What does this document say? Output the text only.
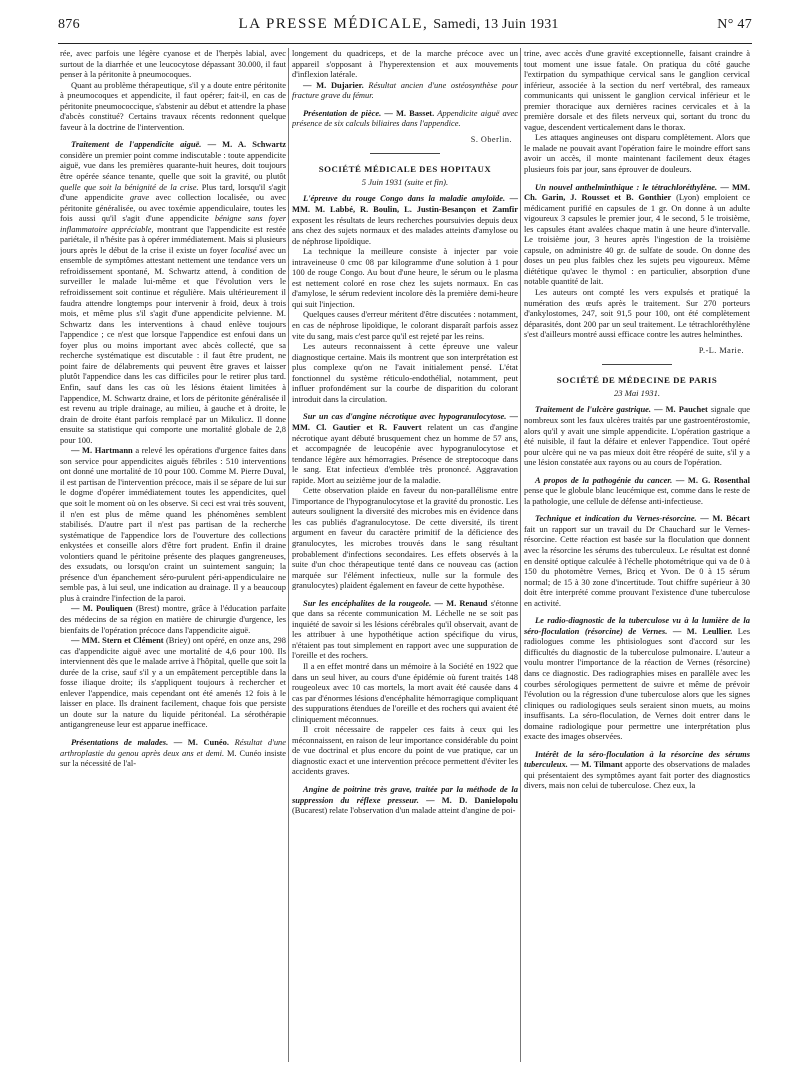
876	LA PRESSE MÉDICALE, Samedi, 13 Juin 1931	N° 47

rée, avec parfois une légère cyanose et de l'herpès labial, avec surtout de la diarrhée et une leucocytose dépassant 30.000, il faut penser à la péritonite à pneumocoques.

Quant au problème thérapeutique, s'il y a doute entre péritonite à pneumocoques et appendicite, il faut opérer; fait-il, en cas de péritonite pneumococcique, s'abstenir au début et attendre la phase d'abcès constitué? Certains travaux récents redonnent quelque faveur à la doctrine de l'intervention.

Traitement de l'appendicite aiguë. — M. A. Schwartz considère un premier point comme indiscutable : toute appendicite aiguë, vue dans les premières quarante-huit heures, doit toujours être opérée séance tenante, quelle que soit la gravité, ou plutôt quelle que soit la bénignité de la crise. Plus tard, lorsqu'il s'agit d'une appendicite grave avec collection localisée, ou avec péritonite généralisée, ou avec toxémie appendiculaire, toutes les fois aussi qu'il s'agit d'une appendicite bénigne sans foyer inflammatoire appréciable, montrant que l'appendicite est restée pariétale, il n'hésite pas à opérer immédiatement. Mais si plusieurs jours après le début de la crise il existe un foyer localisé avec un ensemble de symptômes attestant nettement une tendance vers un refroidissement spontané, M. Schwartz attend, à condition de surveiller le malade lui-même et que l'évolution vers le refroidissement soit continue et régulière. Mais ultérieurement il faudra attendre longtemps pour intervenir à froid, deux à trois mois, et même plus s'il s'agit d'une appendicite pelvienne. M. Schwartz dans les interventions à chaud enlève toujours l'appendice ; ce n'est que lorsque l'appendice est enfoui dans un foyer plus ou moins important avec abcès collecté, que sa recherche systématique est discutable : il faut être prudent, ne point faire de délabrements qui peuvent être graves et laisser plutôt l'appendice dans les cas difficiles pour le retirer plus tard. Enfin, sauf dans les cas où les lésions étaient limitées à l'appendice, M. Schwartz draine, et lors de péritonite généralisée il est revenu au triple drainage, au milieu, à gauche et à droite, le drain de droite étant parfois remplacé par un Mikulicz. Il donne ensuite sa statistique qui comporte une mortalité globale de 2,8 pour 100.

— M. Hartmann a relevé les opérations d'urgence faites dans son service pour appendicites aiguës fébriles : 510 interventions ont donné une mortalité de 10 pour 100. Comme M. Pierre Duval, il est partisan de l'intervention précoce, mais il se sépare de lui sur le dogme d'opérer immédiatement toutes les appendicites, quel que soit le moment où on les observe. Si ceci est vrai très souvent, il n'en est plus de même quand les phénomènes semblent stabilisés. D'autre part il n'est pas partisan de la recherche systématique de l'appendice lors de l'ouverture des collections enkystées et conseille alors d'être fort prudent. Enfin il draine volontiers quand le péritoine présente des plaques gangreneuses, des exsudats, ou lorsqu'on craint un suintement sanguin; la présence d'un épanchement séro-purulent péri-appendiculaire ne semble pas, à lui seul, une indication au drainage. Il y a beaucoup plus à craindre l'infection de la paroi.

— M. Pouliquen (Brest) montre, grâce à l'éducation parfaite des médecins de sa région en matière de chirurgie d'urgence, les bienfaits de l'opération précoce dans l'appendicite aiguë.

— MM. Stern et Clément (Briey) ont opéré, en onze ans, 298 cas d'appendicite aiguë avec une mortalité de 4,6 pour 100. Ils interviennent dès que le malade arrive à l'hôpital, quelle que soit la durée de la crise, sauf s'il y a un empâtement perceptible dans la fosse iliaque droite; ils s'appliquent toujours à rechercher et enlever l'appendice, mais cependant ont été amenés 12 fois à le laisser en place. Ils drainent facilement, chaque fois que persiste un doute sur la nature du liquide péritonéal. La sérothérapie antigangreneuse leur est apparue inefficace.

Présentations de malades. — M. Cunéo. Résultat d'une arthroplastie du genou après deux ans et demi. M. Cunéo insiste sur la nécessité de l'al-

longement du quadriceps, et de la marche précoce avec un appareil s'opposant à l'hyperextension et aux mouvements d'inflexion latérale.

— M. Dujarier. Résultat ancien d'une ostéosynthèse pour fracture grave du fémur.

Présentation de pièce. — M. Basset. Appendicite aiguë avec présence de six calculs biliaires dans l'appendice.

S. Oberlin.

SOCIÉTÉ MÉDICALE DES HOPITAUX

5 Juin 1931 (suite et fin).

L'épreuve du rouge Congo dans la maladie amyloïde. — MM. M. Labbé, R. Boulin, L. Justin-Besançon et Zamfir exposent les résultats de leurs recherches poursuivies depuis deux ans chez des sujets normaux et des malades atteints d'amylose ou de néphrose lipoïdique.

La technique la meilleure consiste à injecter par voie intraveineuse 0 cmc 08 par kilogramme d'une solution à 1 pour 100 de rouge Congo. Au bout d'une heure, le sérum ou le plasma est nettement coloré en rose chez les sujets normaux. En cas d'amylose, le sérum redevient incolore dès la première demi-heure qui suit l'injection.

Quelques causes d'erreur méritent d'être discutées : notamment, en cas de néphrose lipoïdique, le colorant disparaît parfois assez vite du sang, mais c'est parce qu'il est rejeté par les reins.

Les auteurs reconnaissent à cette épreuve une valeur diagnostique certaine. Mais ils montrent que son interprétation est plus complexe qu'on ne l'avait initialement pensé. L'état fonctionnel du système réticulo-endothélial, notamment, peut influer profondément sur la courbe de disparition du colorant introduit dans la circulation.

Sur un cas d'angine nécrotique avec hypogranulocytose. — MM. Cl. Gautier et R. Fauvert relatent un cas d'angine nécrotique ayant débuté brusquement chez un homme de 57 ans, et accompagnée de leucopénie avec hypogranulocytose et tendance légère aux hémorragies. Présence de streptocoque dans le sang. Etat infectieux d'emblée très prononcé. Aggravation rapide. Mort au seizième jour de la maladie.

Cette observation plaide en faveur du non-parallélisme entre l'importance de l'hypogranulocytose et la gravité du pronostic. Les auteurs soulignent la diversité des microbes mis en évidence dans les cas publiés d'agranulocytose. De cette diversité, ils tirent argument en faveur du caractère primitif de la déficience des granulocytes, les microbes trouvés dans le sang résultant probablement d'infections secondaires. Les effets observés à la suite d'un choc thérapeutique tenté dans ce nouveau cas (action marquée sur l'élément infectieux, nulle sur la formule des granulocytes) plaident également en faveur de cette hypothèse.

Sur les encéphalites de la rougeole. — M. Renaud s'étonne que dans sa récente communication M. Léchelle ne se soit pas inquiété de savoir si les lésions cérébrales qu'il observait, avant de les attribuer à une hypothétique action spécifique du virus, n'étaient pas tout simplement en rapport avec une suppuration de l'oreille et des rochers.

Il a en effet montré dans un mémoire à la Société en 1922 que dans un seul hiver, au cours d'une épidémie où furent traités 148 rougeoleux avec 10 cas mortels, la mort avait été causée dans 4 cas par d'énormes lésions d'encéphalite hémorragique compliquant des suppurations étendues de l'oreille et des rochers qui avaient été cliniquement méconnues.

Il croit nécessaire de rappeler ces faits à ceux qui les méconnaissent, en raison de leur importance considérable du point de vue doctrinal et plus encore du point de vue pratique, car un diagnostic exact et une intervention précoce permettent d'éviter les accidents graves.

Angine de poitrine très grave, traitée par la méthode de la suppression du réflexe presseur. — M. D. Danielopolu (Bucarest) relate l'observation d'un malade atteint d'angine de poi-

trine, avec accès d'une gravité exceptionnelle, faisant craindre à tout moment une issue fatale. On pratiqua du côté gauche l'extirpation du sympathique cervical sans le ganglion cervical inférieur, associée à la section du nerf vertébral, des rameaux communicants qui unissent le ganglion cervical inférieur et le premier thoracique aux dernières racines cervicales et à la première dorsale et des filets nerveux qui, sortant du tronc du vague, descendent verticalement dans le thorax.

Les attaques angineuses ont disparu complètement. Alors que le malade ne pouvait avant l'opération faire le moindre effort sans avoir un accès, il monte maintenant facilement deux étages plusieurs fois par jour, sans éprouver de douleurs.

Un nouvel anthelminthique : le tétrachloréthylène. — MM. Ch. Garin, J. Rousset et B. Gonthier (Lyon) emploient ce médicament purifié en capsules de 1 gr. On donne à un adulte vigoureux 3 capsules le premier jour, 4 le second, 5 le troisième, les capsules étant avalées chaque matin à une heure d'intervalle. Le troisième jour, 3 heures après l'ingestion de la troisième capsule, on administre 40 gr. de sulfate de soude. On donne des doses un peu plus faibles chez les sujets peu vigoureux. Même diététique qu'avec le thymol : en particulier, absorption d'une notable quantité de lait.

Les auteurs ont compté les vers expulsés et pratiqué la numération des œufs après le traitement. Sur 270 porteurs d'ankylostomes, 247, soit 91,5 pour 100, ont été complètement déparasités, dont 200 par un seul traitement. Le tétrachloréthylène s'est d'ailleurs montré aussi efficace contre les autres helminthes.

P.-L. Marie.

SOCIÉTÉ DE MÉDECINE DE PARIS

23 Mai 1931.

Traitement de l'ulcère gastrique. — M. Pauchet signale que nombreux sont les faux ulcères traités par une gastroentérostomie, alors qu'il y avait une simple appendicite. L'opération gastrique a été nuisible, il faut la défaire et enlever l'appendice. Tout opéré pour ulcère qui ne va pas mieux doit être réopéré de suite, s'il y a une lésion constatée aux rayons ou au cours de l'opération.

A propos de la pathogénie du cancer. — M. G. Rosenthal pense que le globule blanc leucémique est, comme dans le reste de la pathologie, une cellule de défense anti-infectieuse.

Technique et indication du Vernes-résorcine. — M. Bécart fait un rapport sur un travail du Dr Chauchard sur le Vernes-résorcine. Cette réaction est basée sur la floculation que donnent avec la résorcine les sérums des tuberculeux. Le résultat est donné en densité optique calculée à l'échelle photométrique qui va de 0 à 150 du photomètre Vernes, Bricq et Yvon. De 0 à 15 sérum normal; de 15 à 30 zone d'incertitude. Tout chiffre supérieur à 30 doit être interprété comme prouvant l'existence d'une tuberculose en activité.

Le radio-diagnostic de la tuberculose vu à la lumière de la séro-floculation (résorcine) de Vernes. — M. Leullier. Les radiologues comme les phtisiologues sont d'accord sur les difficultés du diagnostic de la tuberculose pulmonaire. L'auteur a voulu montrer l'importance de la réaction de Vernes (résorcine) dans ce diagnostic. Des radiographies mises en parallèle avec les courbes sérologiques permettent de suivre et même de prévoir l'évolution ou la régression d'une tuberculose alors que les signes cliniques ou radiologiques seuls seraient sinon muets, au moins insuffisants. La séro-floculation, de Vernes doit entrer dans le domaine radiologique pour permettre une interprétation plus exacte des images observées.

Intérêt de la séro-floculation à la résorcine des sérums tuberculeux. — M. Tilmant apporte des observations de malades qui présentaient des symptômes ayant fait porter des diagnostics divers, mais non celui de tuberculose. Chez eux, la
